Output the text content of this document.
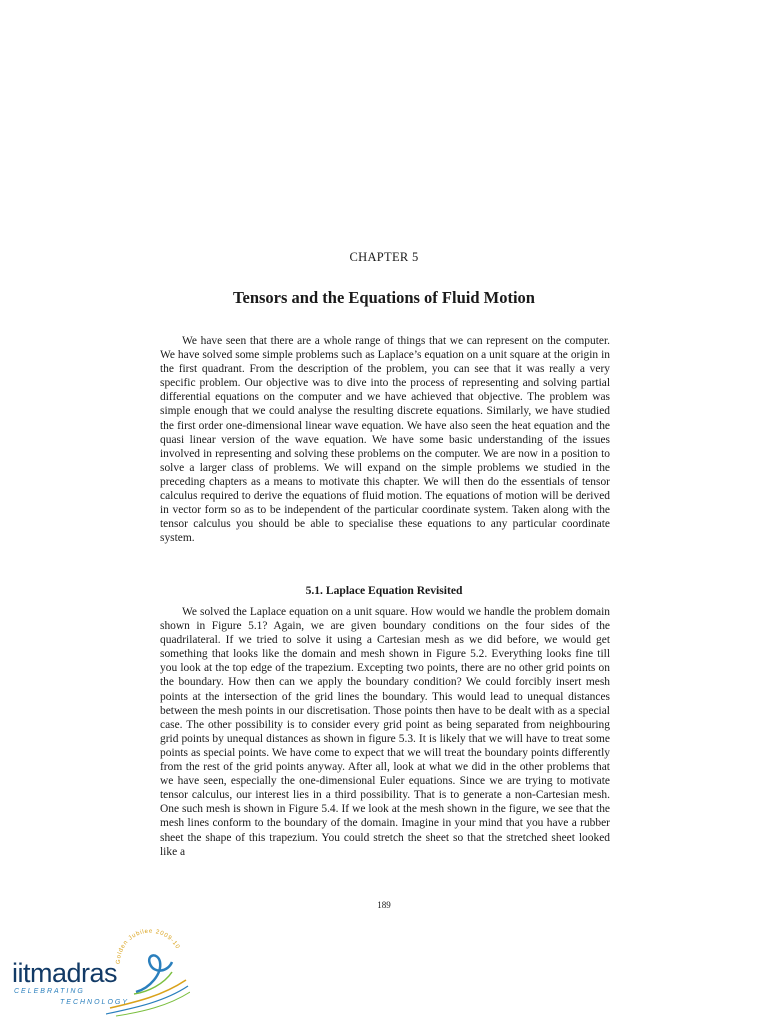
CHAPTER 5
Tensors and the Equations of Fluid Motion

We have seen that there are a whole range of things that we can represent on the computer. We have solved some simple problems such as Laplace’s equation on a unit square at the origin in the first quadrant. From the description of the problem, you can see that it was really a very specific problem. Our objective was to dive into the process of representing and solving partial differential equations on the computer and we have achieved that objective. The problem was simple enough that we could analyse the resulting discrete equations. Similarly, we have studied the first order one-dimensional linear wave equation. We have also seen the heat equation and the quasi linear version of the wave equation. We have some basic understanding of the issues involved in representing and solving these problems on the computer. We are now in a position to solve a larger class of problems. We will expand on the simple problems we studied in the preceding chapters as a means to motivate this chapter. We will then do the essentials of tensor calculus required to derive the equations of fluid motion. The equations of motion will be derived in vector form so as to be independent of the particular coordinate system. Taken along with the tensor calculus you should be able to specialise these equations to any particular coordinate system.

5.1. Laplace Equation Revisited

We solved the Laplace equation on a unit square. How would we handle the problem domain shown in Figure 5.1? Again, we are given boundary conditions on the four sides of the quadrilateral. If we tried to solve it using a Cartesian mesh as we did before, we would get something that looks like the domain and mesh shown in Figure 5.2. Everything looks fine till you look at the top edge of the trapezium. Excepting two points, there are no other grid points on the boundary. How then can we apply the boundary condition? We could forcibly insert mesh points at the intersection of the grid lines the boundary. This would lead to unequal distances between the mesh points in our discretisation. Those points then have to be dealt with as a special case. The other possibility is to consider every grid point as being separated from neighbouring grid points by unequal distances as shown in figure 5.3. It is likely that we will have to treat some points as special points. We have come to expect that we will treat the boundary points differently from the rest of the grid points anyway. After all, look at what we did in the other problems that we have seen, especially the one-dimensional Euler equations. Since we are trying to motivate tensor calculus, our interest lies in a third possibility. That is to generate a non-Cartesian mesh. One such mesh is shown in Figure 5.4. If we look at the mesh shown in the figure, we see that the mesh lines conform to the boundary of the domain. Imagine in your mind that you have a rubber sheet the shape of this trapezium. You could stretch the sheet so that the stretched sheet looked like a

189
iitmadras
CELEBRATING
TECHNOLOGY
Golden Jubilee 2009-10
